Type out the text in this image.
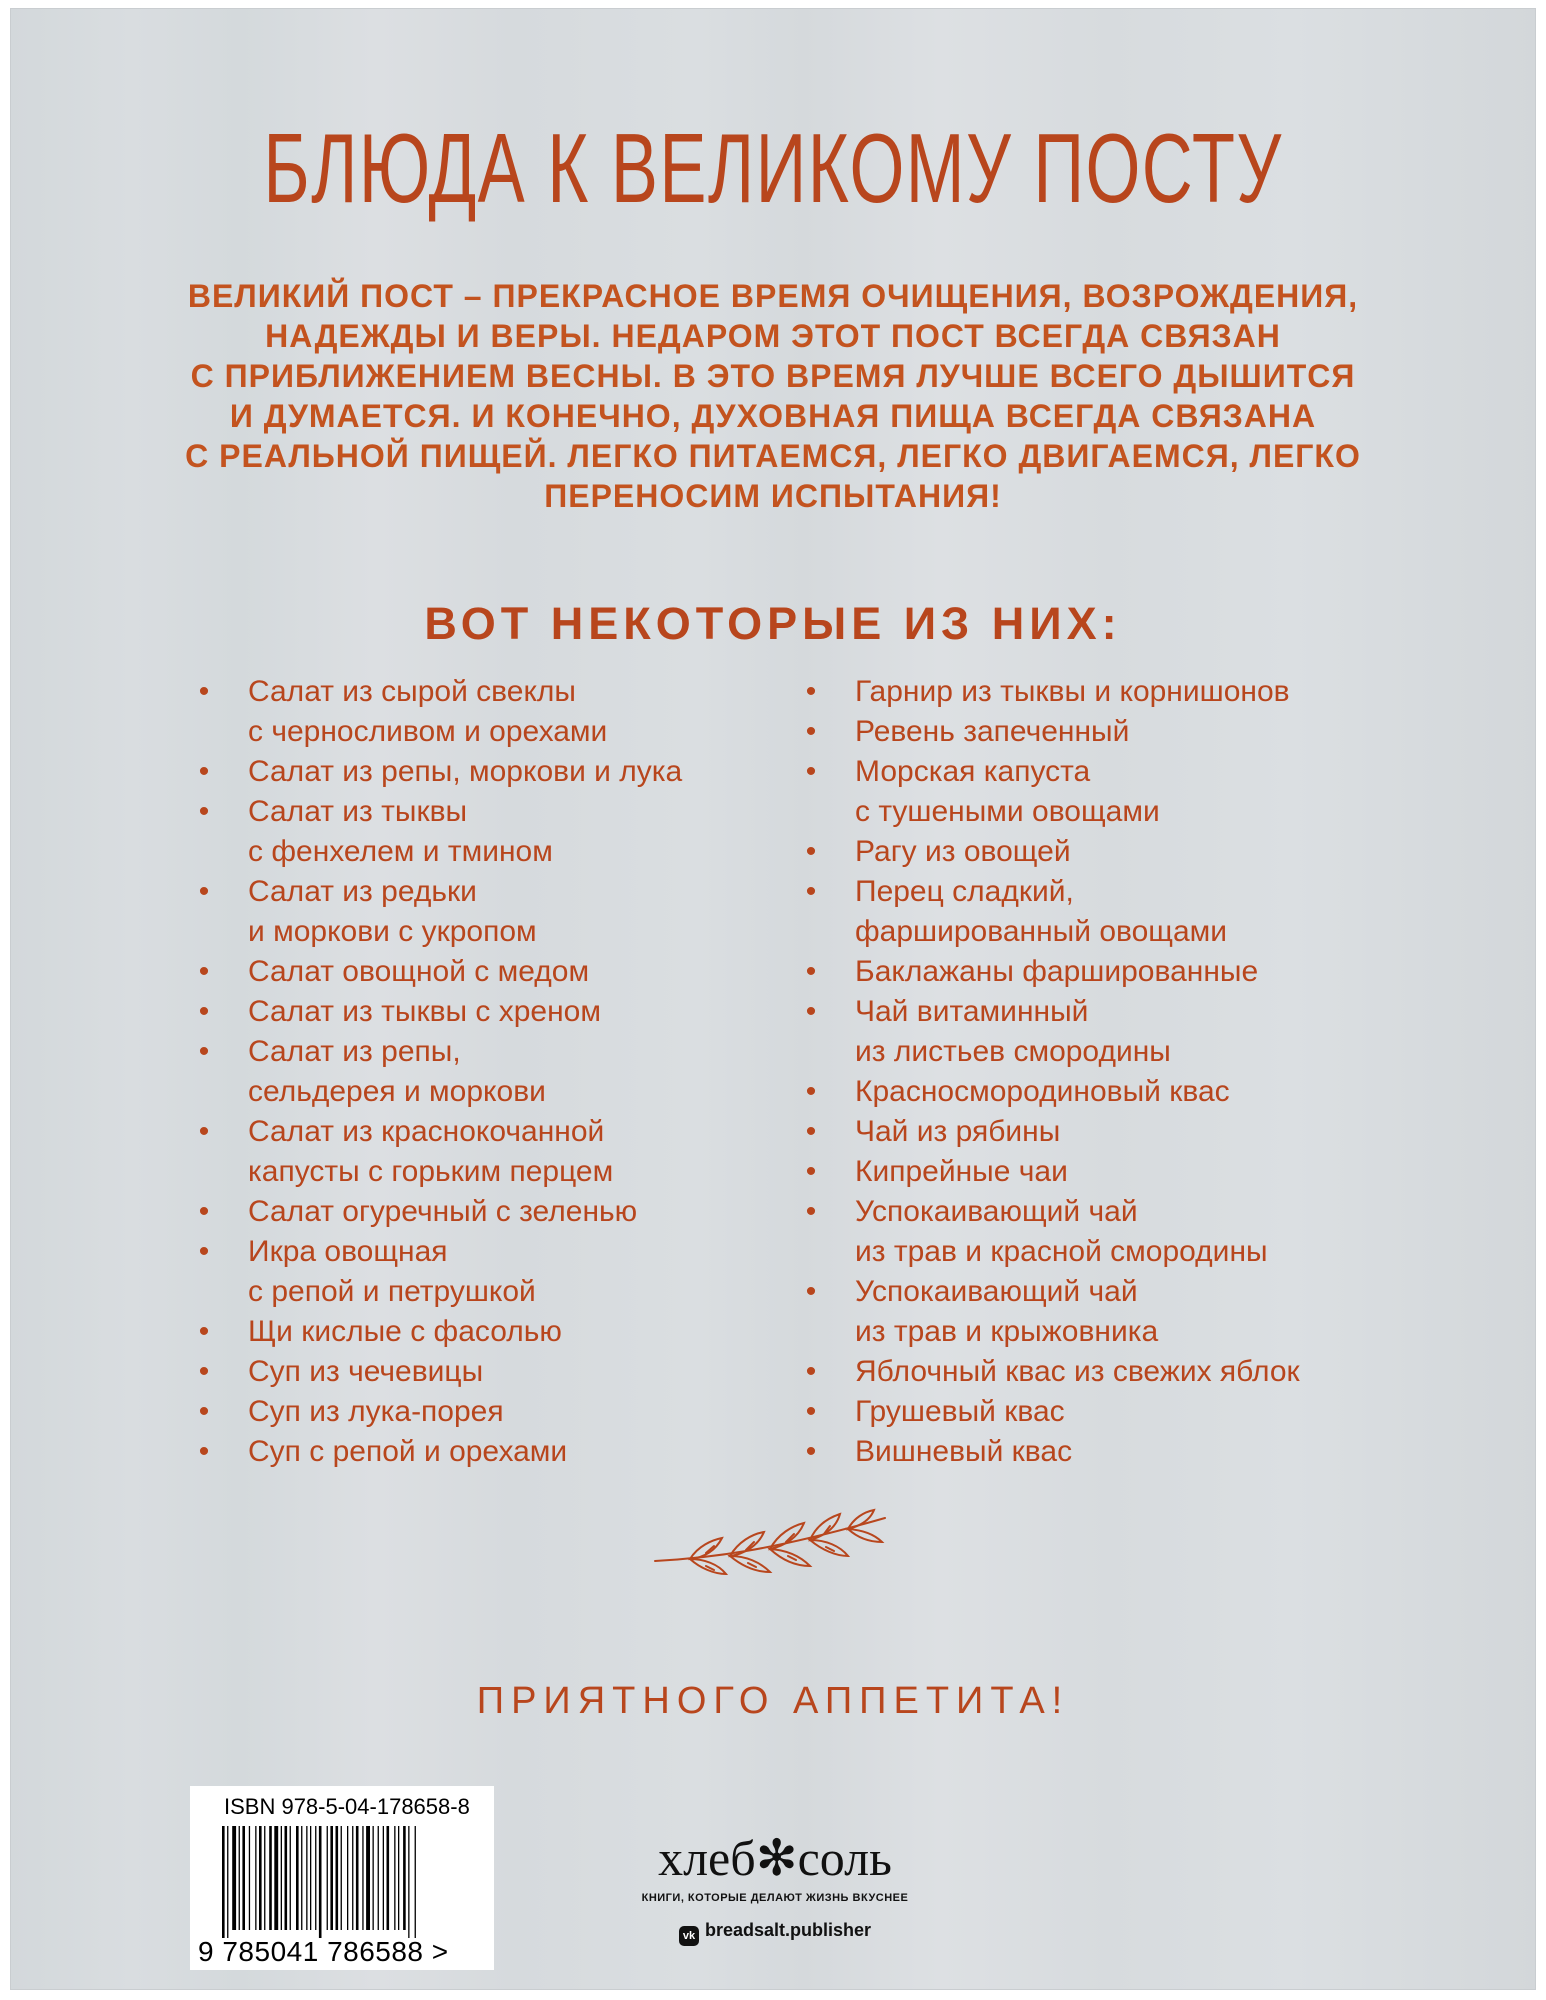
БЛЮДА К ВЕЛИКОМУ ПОСТУ
ВЕЛИКИЙ ПОСТ – ПРЕКРАСНОЕ ВРЕМЯ ОЧИЩЕНИЯ, ВОЗРОЖДЕНИЯ,
НАДЕЖДЫ И ВЕРЫ. НЕДАРОМ ЭТОТ ПОСТ ВСЕГДА СВЯЗАН
С ПРИБЛИЖЕНИЕМ ВЕСНЫ. В ЭТО ВРЕМЯ ЛУЧШЕ ВСЕГО ДЫШИТСЯ
И ДУМАЕТСЯ. И КОНЕЧНО, ДУХОВНАЯ ПИЩА ВСЕГДА СВЯЗАНА
С РЕАЛЬНОЙ ПИЩЕЙ. ЛЕГКО ПИТАЕМСЯ, ЛЕГКО ДВИГАЕМСЯ, ЛЕГКО
ПЕРЕНОСИМ ИСПЫТАНИЯ!
ВОТ НЕКОТОРЫЕ ИЗ НИХ:
• Салат из сырой свеклы
с черносливом и орехами
• Салат из репы, моркови и лука
• Салат из тыквы
с фенхелем и тмином
• Салат из редьки
и моркови с укропом
• Салат овощной с медом
• Салат из тыквы с хреном
• Салат из репы,
сельдерея и моркови
• Салат из краснокочанной
капусты с горьким перцем
• Салат огуречный с зеленью
• Икра овощная
с репой и петрушкой
• Щи кислые с фасолью
• Суп из чечевицы
• Суп из лука-порея
• Суп с репой и орехами
• Гарнир из тыквы и корнишонов
• Ревень запеченный
• Морская капуста
с тушеными овощами
• Рагу из овощей
• Перец сладкий,
фаршированный овощами
• Баклажаны фаршированные
• Чай витаминный
из листьев смородины
• Красносмородиновый квас
• Чай из рябины
• Кипрейные чаи
• Успокаивающий чай
из трав и красной смородины
• Успокаивающий чай
из трав и крыжовника
• Яблочный квас из свежих яблок
• Грушевый квас
• Вишневый квас
ПРИЯТНОГО АППЕТИТА!
ISBN 978-5-04-178658-8
9 785041 786588 >
хлеб✻соль
КНИГИ, КОТОРЫЕ ДЕЛАЮТ ЖИЗНЬ ВКУСНЕЕ
vk breadsalt.publisher
